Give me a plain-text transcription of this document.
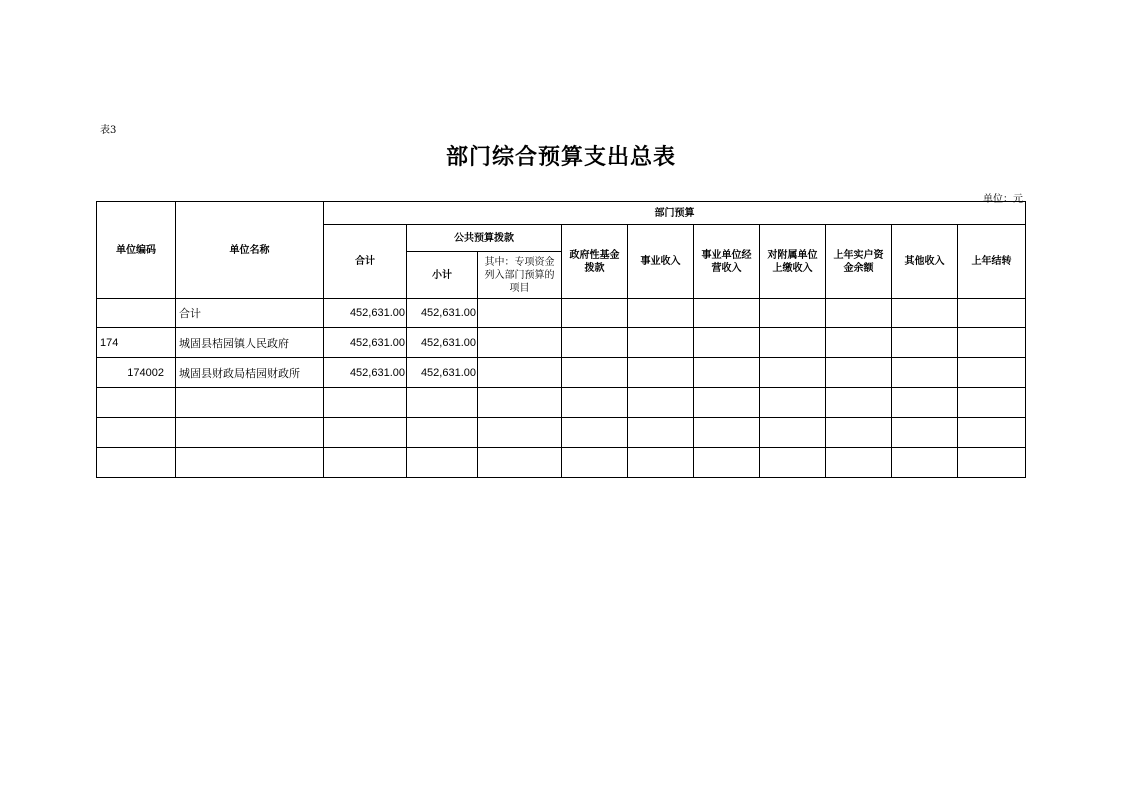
表3
部门综合预算支出总表
单位：元
单位编码	单位名称	部门预算									
		合计	公共预算拨款		政府性基金拨款	事业收入	事业单位经营收入	对附属单位上缴收入	上年实户资金余额	其他收入	上年结转
			小计	其中：专项资金列入部门预算的项目							
	合计	452,631.00	452,631.00								
174	城固县桔园镇人民政府	452,631.00	452,631.00								
174002	城固县财政局桔园财政所	452,631.00	452,631.00								
